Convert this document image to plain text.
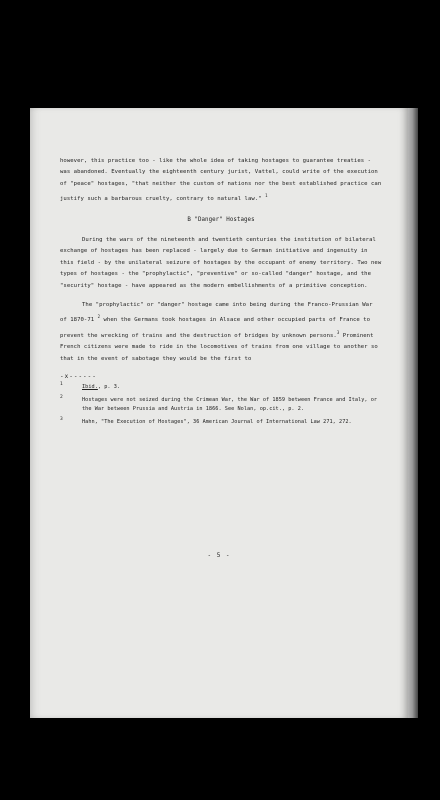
however, this practice too - like the whole idea of taking hostages to guarantee treaties - was abandoned. Eventually the eighteenth century jurist, Vattel, could write of the execution of "peace" hostages, "that neither the custom of nations nor the best established practice can justify such a barbarous cruelty, contrary to natural law." $^1$

B "Danger" Hostages

During the wars of the nineteenth and twentieth centuries the institution of bilateral exchange of hostages has been replaced - largely due to German initiative and ingenuity in this field - by the unilateral seizure of hostages by the occupant of enemy territory. Two new types of hostages - the "prophylactic", "preventive" or so-called "danger" hostage, and the "security" hostage - have appeared as the modern embellishments of a primitive conception.

The "prophylactic" or "danger" hostage came into being during the Franco-Prussian War of 1870-71 $^2$ when the Germans took hostages in Alsace and other occupied parts of France to prevent the wrecking of trains and the destruction of bridges by unknown persons.$^3$ Prominent French citizens were made to ride in the locomotives of trains from one village to another so that in the event of sabotage they would be the first to

-x------
1	Ibid., p. 3.
2	Hostages were not seized during the Crimean War, the War of 1859 between France and Italy, or the War between Prussia and Austria in 1866. See Nolan, op.cit., p. 2.
3	Hahn, "The Execution of Hostages", 36 American Journal of International Law 271, 272.
- 5 -
